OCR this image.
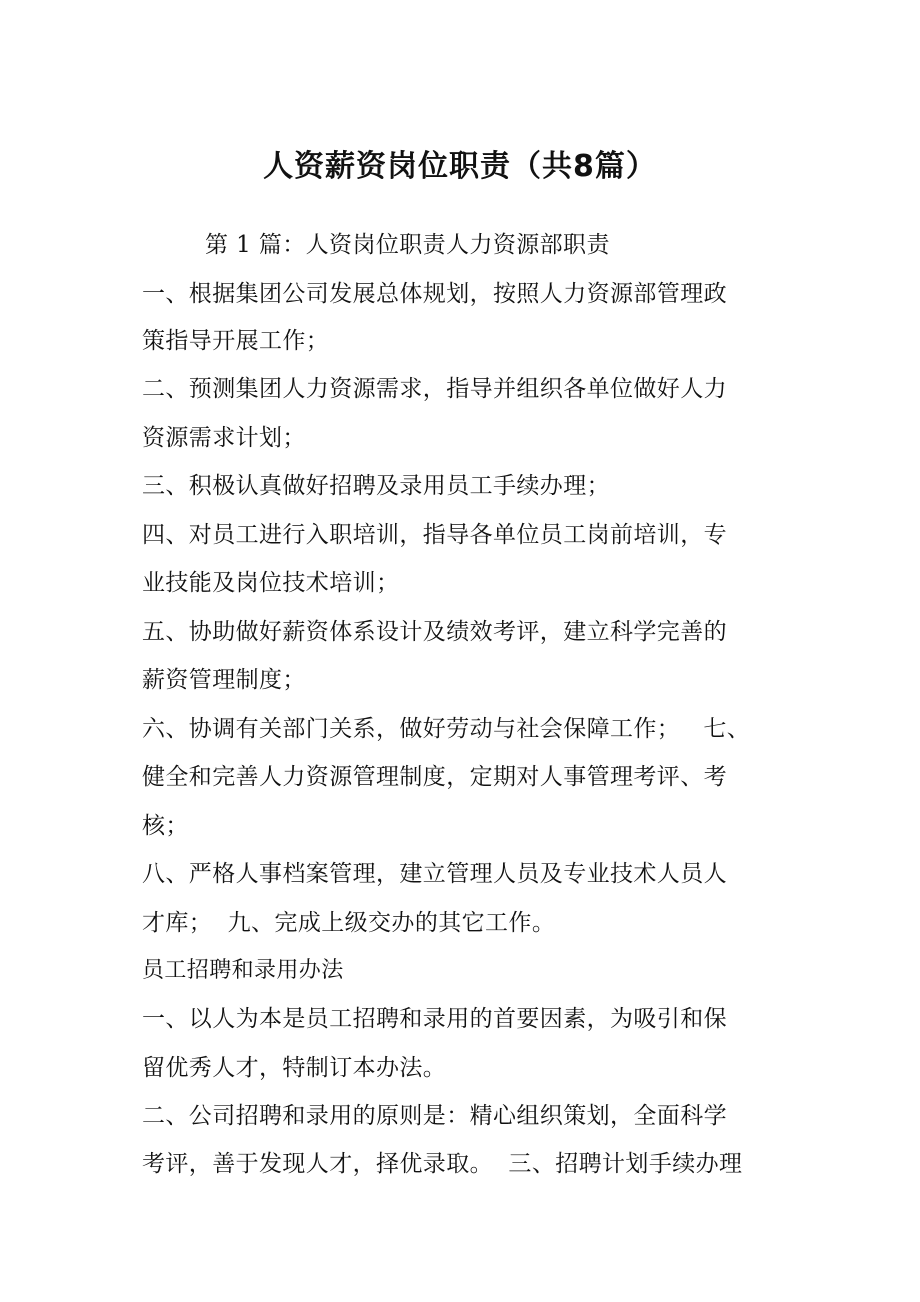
人资薪资岗位职责（共8篇）

第 1 篇：人资岗位职责人力资源部职责

一、根据集团公司发展总体规划，按照人力资源部管理政

策指导开展工作；

二、预测集团人力资源需求，指导并组织各单位做好人力

资源需求计划；

三、积极认真做好招聘及录用员工手续办理；

四、对员工进行入职培训，指导各单位员工岗前培训，专

业技能及岗位技术培训；

五、协助做好薪资体系设计及绩效考评，建立科学完善的

薪资管理制度；

六、协调有关部门关系，做好劳动与社会保障工作；   七、

健全和完善人力资源管理制度，定期对人事管理考评、考

核；

八、严格人事档案管理，建立管理人员及专业技术人员人

才库；  九、完成上级交办的其它工作。

员工招聘和录用办法

一、以人为本是员工招聘和录用的首要因素，为吸引和保

留优秀人才，特制订本办法。

二、公司招聘和录用的原则是：精心组织策划，全面科学

考评，善于发现人才，择优录取。  三、招聘计划手续办理
